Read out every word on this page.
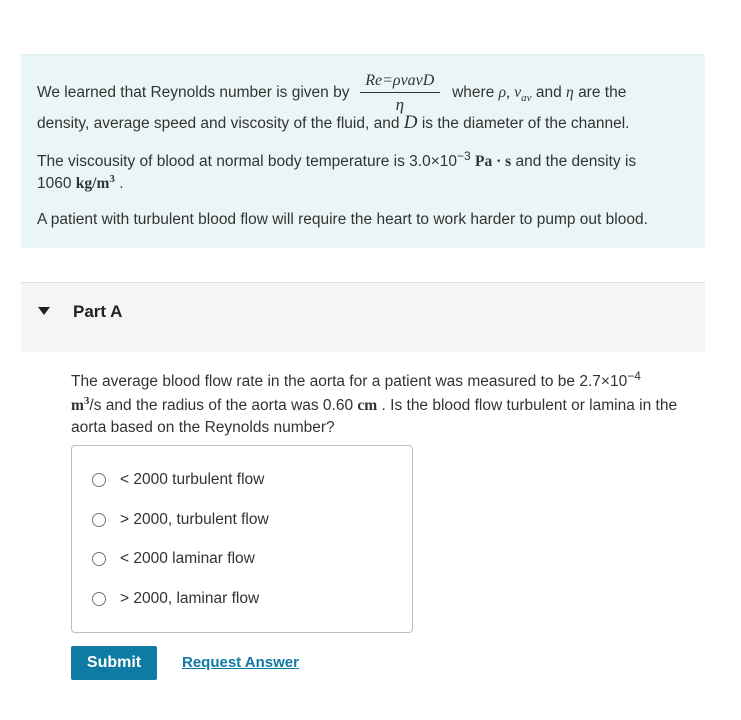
We learned that Reynolds number is given by $\frac{\text{Re=ρvavD}}{\eta}$ where ρ, $v_{av}$ and η are the
density, average speed and viscosity of the fluid, and D is the diameter of the channel.
The viscousity of blood at normal body temperature is $3.0\times 10^{-3}$ Pa · s and the density is
1060 $kg/m^3$ .
A patient with turbulent blood flow will require the heart to work harder to pump out blood.
Part A
The average blood flow rate in the aorta for a patient was measured to be $2.7\times 10^{-4}$
$m^3/s$ and the radius of the aorta was 0.60 cm . Is the blood flow turbulent or lamina in the aorta based on the Reynolds number?
< 2000 turbulent flow
> 2000, turbulent flow
< 2000 laminar flow
> 2000, laminar flow
Submit	Request Answer
